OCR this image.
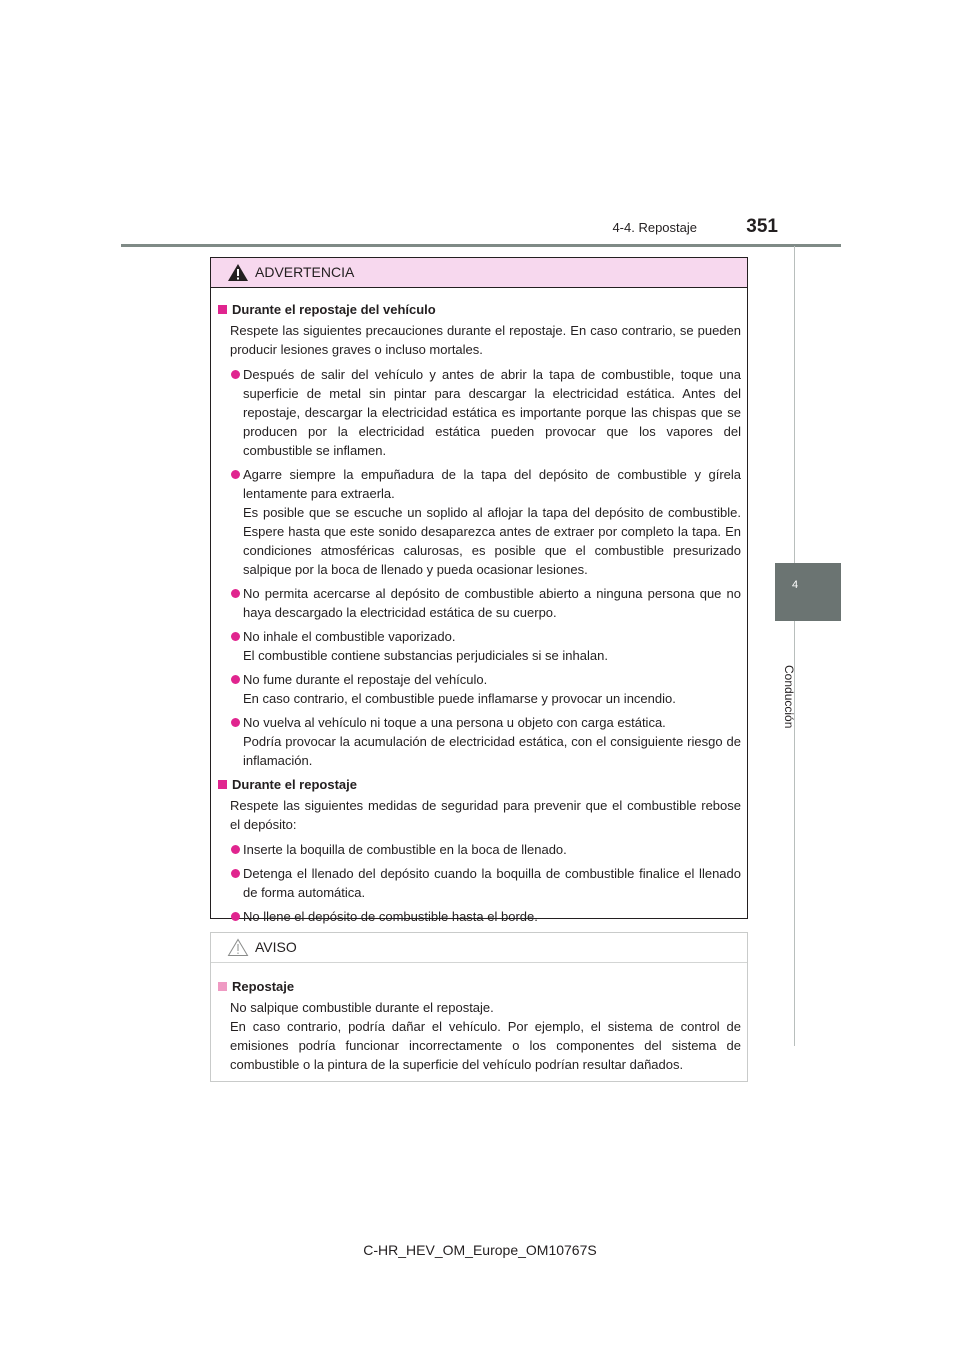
4-4. Repostaje	351
4
Conducción
ADVERTENCIA
Durante el repostaje del vehículo
Respete las siguientes precauciones durante el repostaje. En caso contrario, se pueden producir lesiones graves o incluso mortales.
Después de salir del vehículo y antes de abrir la tapa de combustible, toque una superficie de metal sin pintar para descargar la electricidad estática. Antes del repostaje, descargar la electricidad estática es importante porque las chispas que se producen por la electricidad estática pueden provocar que los vapores del combustible se inflamen.
Agarre siempre la empuñadura de la tapa del depósito de combustible y gírela lentamente para extraerla.
Es posible que se escuche un soplido al aflojar la tapa del depósito de combustible. Espere hasta que este sonido desaparezca antes de extraer por completo la tapa. En condiciones atmosféricas calurosas, es posible que el combustible presurizado salpique por la boca de llenado y pueda ocasionar lesiones.
No permita acercarse al depósito de combustible abierto a ninguna persona que no haya descargado la electricidad estática de su cuerpo.
No inhale el combustible vaporizado.
El combustible contiene substancias perjudiciales si se inhalan.
No fume durante el repostaje del vehículo.
En caso contrario, el combustible puede inflamarse y provocar un incendio.
No vuelva al vehículo ni toque a una persona u objeto con carga estática.
Podría provocar la acumulación de electricidad estática, con el consiguiente riesgo de inflamación.
Durante el repostaje
Respete las siguientes medidas de seguridad para prevenir que el combustible rebose el depósito:
Inserte la boquilla de combustible en la boca de llenado.
Detenga el llenado del depósito cuando la boquilla de combustible finalice el llenado de forma automática.
No llene el depósito de combustible hasta el borde.
AVISO
Repostaje
No salpique combustible durante el repostaje.
En caso contrario, podría dañar el vehículo. Por ejemplo, el sistema de control de emisiones podría funcionar incorrectamente o los componentes del sistema de combustible o la pintura de la superficie del vehículo podrían resultar dañados.
C-HR_HEV_OM_Europe_OM10767S
